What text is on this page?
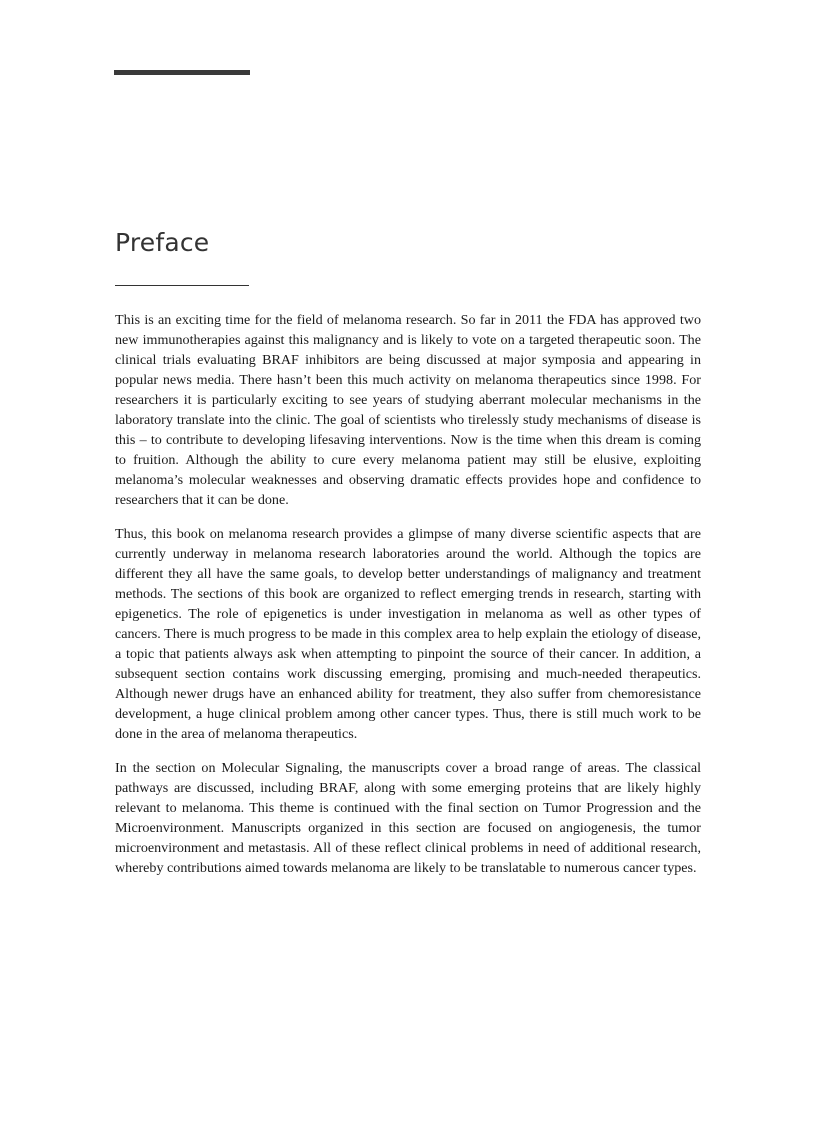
Preface

This is an exciting time for the field of melanoma research. So far in 2011 the FDA has approved two new immunotherapies against this malignancy and is likely to vote on a targeted therapeutic soon. The clinical trials evaluating BRAF inhibitors are being discussed at major symposia and appearing in popular news media. There hasn’t been this much activity on melanoma therapeutics since 1998. For researchers it is particularly exciting to see years of studying aberrant molecular mechanisms in the laboratory translate into the clinic. The goal of scientists who tirelessly study mechanisms of disease is this – to contribute to developing lifesaving interventions. Now is the time when this dream is coming to fruition. Although the ability to cure every melanoma patient may still be elusive, exploiting melanoma’s molecular weaknesses and observing dramatic effects provides hope and confidence to researchers that it can be done.

Thus, this book on melanoma research provides a glimpse of many diverse scientific aspects that are currently underway in melanoma research laboratories around the world. Although the topics are different they all have the same goals, to develop better understandings of malignancy and treatment methods. The sections of this book are organized to reflect emerging trends in research, starting with epigenetics. The role of epigenetics is under investigation in melanoma as well as other types of cancers. There is much progress to be made in this complex area to help explain the etiology of disease, a topic that patients always ask when attempting to pinpoint the source of their cancer. In addition, a subsequent section contains work discussing emerging, promising and much-needed therapeutics. Although newer drugs have an enhanced ability for treatment, they also suffer from chemoresistance development, a huge clinical problem among other cancer types. Thus, there is still much work to be done in the area of melanoma therapeutics.

In the section on Molecular Signaling, the manuscripts cover a broad range of areas. The classical pathways are discussed, including BRAF, along with some emerging proteins that are likely highly relevant to melanoma. This theme is continued with the final section on Tumor Progression and the Microenvironment. Manuscripts organized in this section are focused on angiogenesis, the tumor microenvironment and metastasis. All of these reflect clinical problems in need of additional research, whereby contributions aimed towards melanoma are likely to be translatable to numerous cancer types.
